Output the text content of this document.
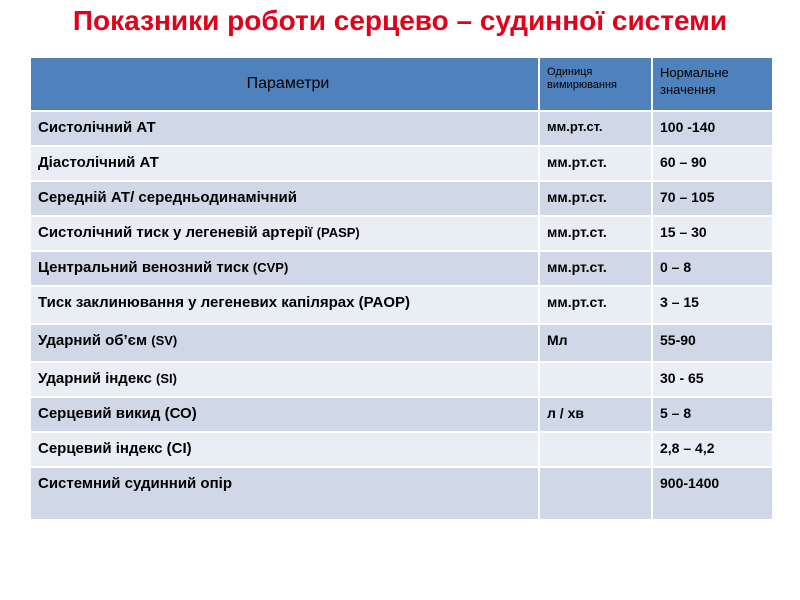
Показники роботи серцево – судинної системи
Параметри	Одиниця вимирювання	Нормальне значення
Систолічний АТ	мм.рт.ст.	100 -140
Діастолічний АТ	мм.рт.ст.	60 – 90
Середній АТ/ середньодинамічний	мм.рт.ст.	70 – 105
Систолічний тиск у легеневій артерії (PASP)	мм.рт.ст.	15 – 30
Центральний венозний тиск (CVP)	мм.рт.ст.	0 – 8
Тиск заклинювання у легеневих капілярах (PAOP)	мм.рт.ст.	3 – 15
Ударний об’єм (SV)	Мл	55-90
Ударний індекс (SI)		30 - 65
Серцевий викид (СО)	л / хв	5 – 8
Серцевий індекс (СІ)		2,8 – 4,2
Системний судинний опір		900-1400
